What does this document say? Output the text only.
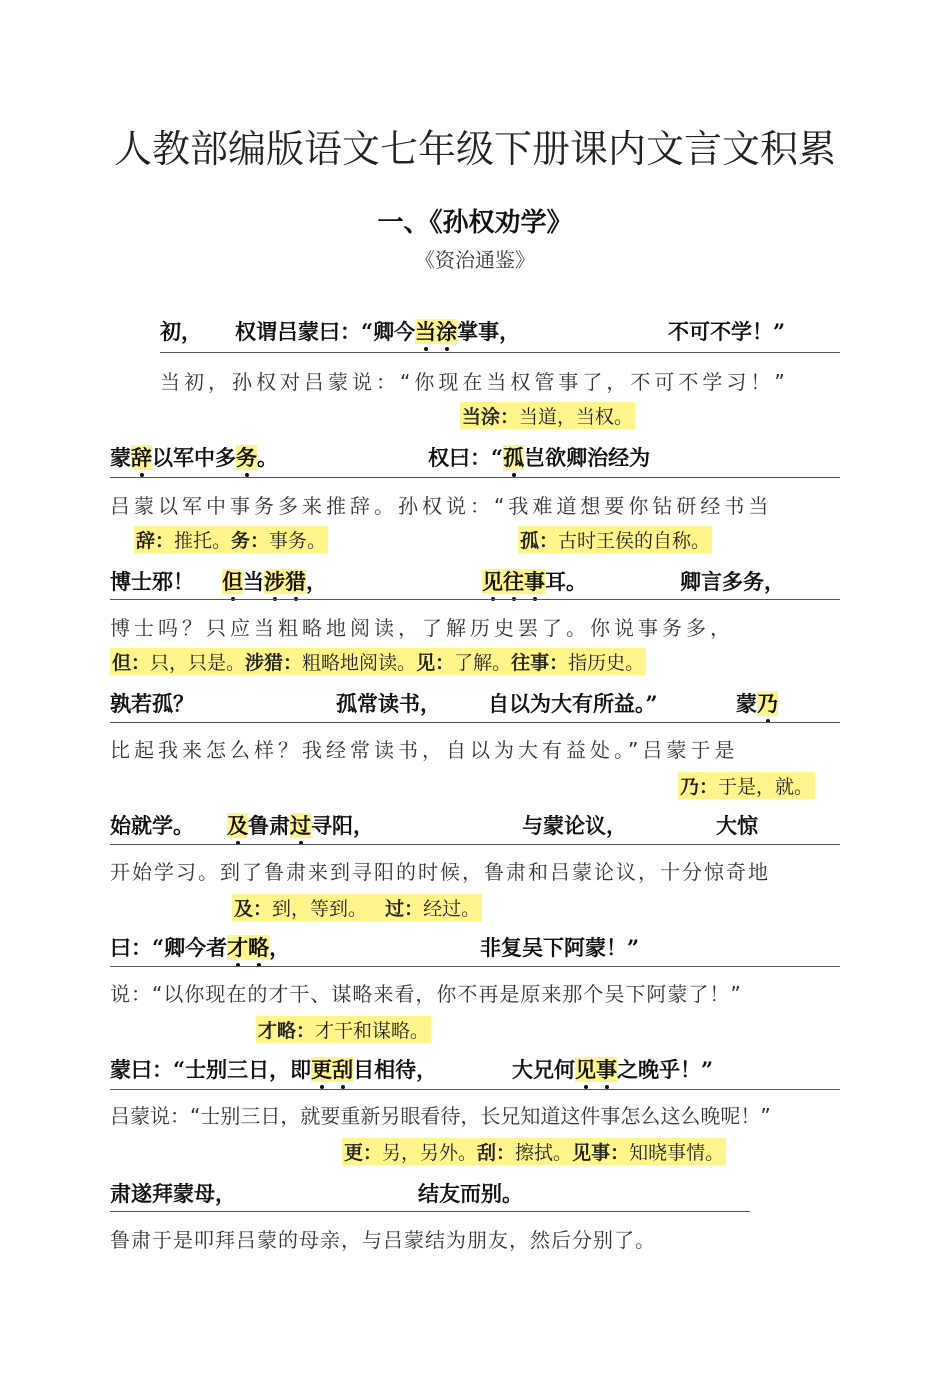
人教部编版语文七年级下册课内文言文积累
一、《孙权劝学》
《资治通鉴》
初， 权谓吕蒙曰：“卿今当涂掌事，	不可不学！”
当初，孙权对吕蒙说：“你现在当权管事了，不可不学习！”
当涂：当道，当权。
蒙辞以军中多务。	权曰：“孤岂欲卿治经为
吕蒙以军中事务多来推辞。孙权说：“我难道想要你钻研经书当
辞：推托。务：事务。	孤：古时王侯的自称。
博士邪！ 但当涉猎，	见往事耳。	卿言多务，
博士吗？只应当粗略地阅读，了解历史罢了。你说事务多，
但：只，只是。涉猎：粗略地阅读。见：了解。往事：指历史。
孰若孤？	孤常读书， 自以为大有所益。”	蒙乃
比起我来怎么样？我经常读书，自以为大有益处。”吕蒙于是
乃：于是，就。
始就学。 及鲁肃过寻阳，	与蒙论议，	大惊
开始学习。到了鲁肃来到寻阳的时候，鲁肃和吕蒙论议，十分惊奇地
及：到，等到。 过：经过。
曰：“卿今者才略，	非复吴下阿蒙！”
说：“以你现在的才干、谋略来看，你不再是原来那个吴下阿蒙了！”
才略：才干和谋略。
蒙曰：“士别三日，即更刮目相待，	大兄何见事之晚乎！”
吕蒙说：“士别三日，就要重新另眼看待，长兄知道这件事怎么这么晚呢！”
更：另，另外。刮：擦拭。见事：知晓事情。
肃遂拜蒙母，	结友而别。
鲁肃于是叩拜吕蒙的母亲，与吕蒙结为朋友，然后分别了。
